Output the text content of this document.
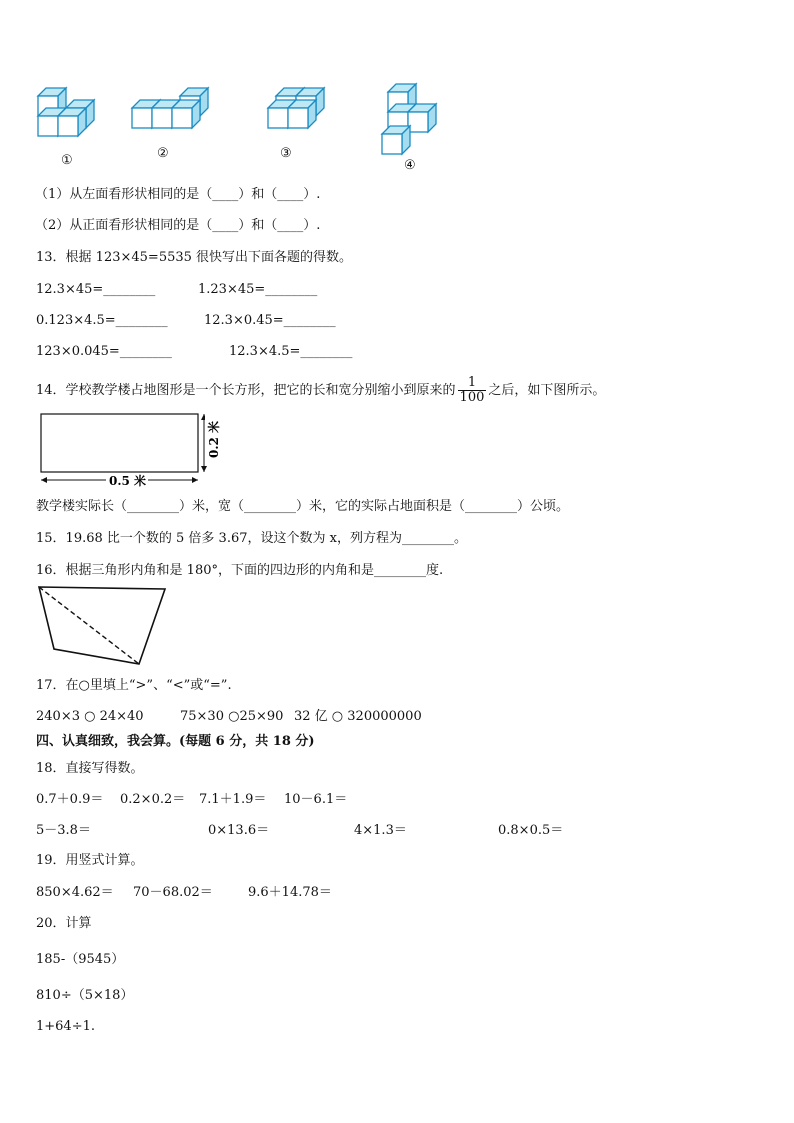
①	②	③
④
（1）从左面看形状相同的是（____）和（____）.
（2）从正面看形状相同的是（____）和（____）.
13．根据 123×45=5535 很快写出下面各题的得数。
12.3×45=________	1.23×45=________
0.123×4.5=________	12.3×0.45=________
123×0.045=________	12.3×4.5=________
14．学校教学楼占地图形是一个长方形，把它的长和宽分别缩小到原来的 $\frac{1}{100}$ 之后，如下图所示。
0.5 米
0.2 米
教学楼实际长（________）米，宽（________）米，它的实际占地面积是（________）公顷。
15．19.68 比一个数的 5 倍多 3.67，设这个数为 x，列方程为________。
16．根据三角形内角和是 180°，下面的四边形的内角和是________度.
17．在○里填上“>”、“<”或“=”.
240×3 ○ 24×40	75×30 ○25×90 32 亿 ○ 320000000
四、认真细致，我会算。(每题 6 分，共 18 分)
18．直接写得数。
0.7＋0.9＝ 0.2×0.2＝ 7.1＋1.9＝ 10－6.1＝
5－3.8＝	0×13.6＝	4×1.3＝	0.8×0.5＝
19．用竖式计算。
850×4.62＝ 70－68.02＝	9.6＋14.78＝
20．计算
185-（9545）
810÷（5×18）
1+64÷1.
